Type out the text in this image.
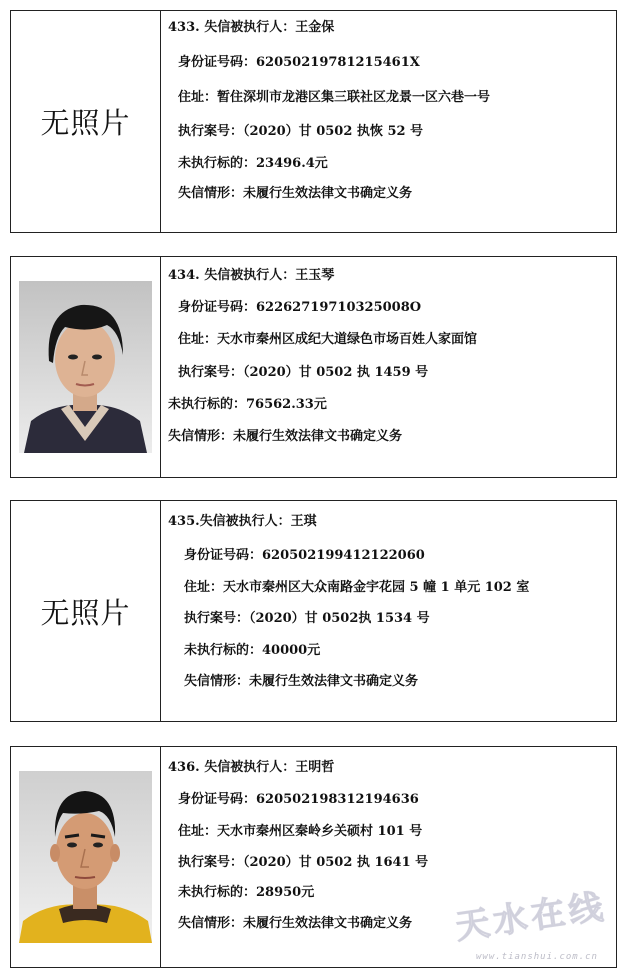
无照片
433. 失信被执行人：王金保
身份证号码：62050219781215461X
住址：暂住深圳市龙港区集三联社区龙景一区六巷一号
执行案号：（2020）甘 0502 执恢 52 号
未执行标的：23496.4元
失信情形：未履行生效法律文书确定义务
434. 失信被执行人：王玉琴
身份证号码：62262719710325008O
住址：天水市秦州区成纪大道绿色市场百姓人家面馆
执行案号：（2020）甘 0502 执 1459 号
未执行标的：76562.33元
失信情形：未履行生效法律文书确定义务
无照片
435.失信被执行人：王琪
身份证号码：620502199412122060
住址：天水市秦州区大众南路金宇花园 5 幢 1 单元 102 室
执行案号：（2020）甘 0502执 1534 号
未执行标的：40000元
失信情形：未履行生效法律文书确定义务
436. 失信被执行人：王明哲
身份证号码：620502198312194636
住址：天水市秦州区秦岭乡关硕村 101 号
执行案号：（2020）甘 0502 执 1641 号
未执行标的：28950元
失信情形：未履行生效法律文书确定义务 天水在线
www.tianshui.com.cn
